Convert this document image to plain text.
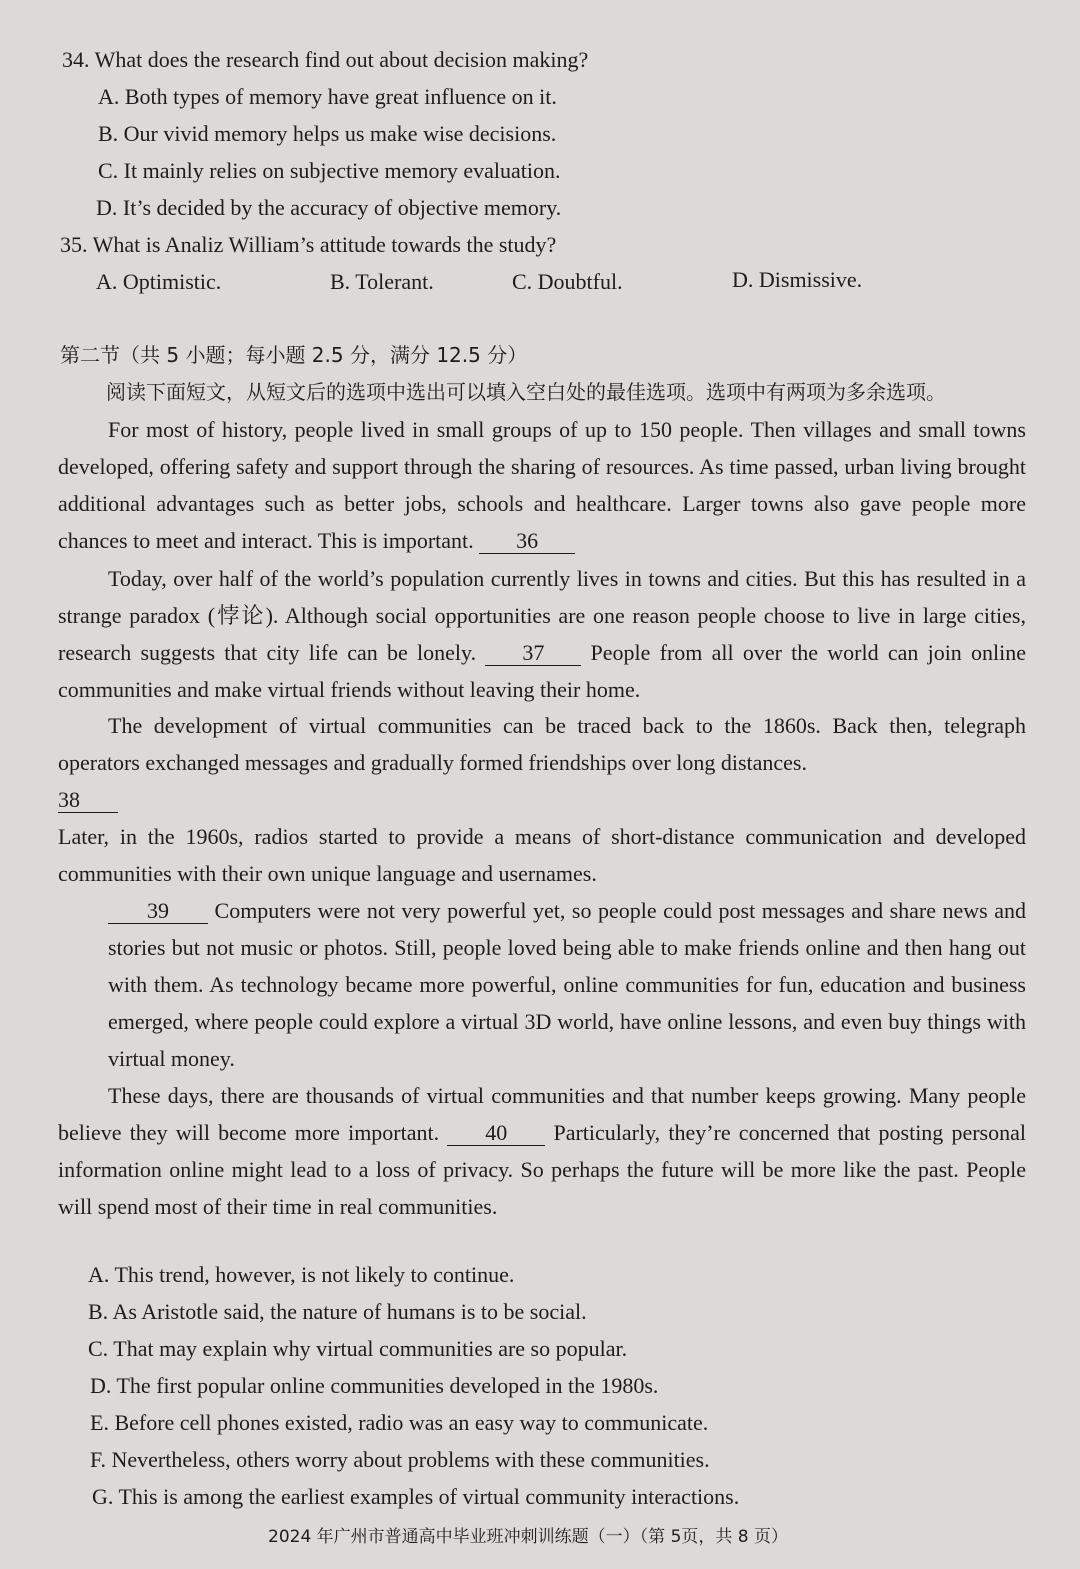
34. What does the research find out about decision making?
A. Both types of memory have great influence on it.
B. Our vivid memory helps us make wise decisions.
C. It mainly relies on subjective memory evaluation.
D. It’s decided by the accuracy of objective memory.
35. What is Analiz William’s attitude towards the study?
A. Optimistic.	B. Tolerant.	C. Doubtful.	D. Dismissive.
第二节（共 5 小题；每小题 2.5 分，满分 12.5 分）
阅读下面短文，从短文后的选项中选出可以填入空白处的最佳选项。选项中有两项为多余选项。
For most of history, people lived in small groups of up to 150 people. Then villages and small towns developed, offering safety and support through the sharing of resources. As time passed, urban living brought additional advantages such as better jobs, schools and healthcare. Larger towns also gave people more chances to meet and interact. This is important. 36
Today, over half of the world’s population currently lives in towns and cities. But this has resulted in a strange paradox (悖论). Although social opportunities are one reason people choose to live in large cities, research suggests that city life can be lonely. 37 People from all over the world can join online communities and make virtual friends without leaving their home.
The development of virtual communities can be traced back to the 1860s. Back then, telegraph operators exchanged messages and gradually formed friendships over long distances.
38
Later, in the 1960s, radios started to provide a means of short-distance communication and developed communities with their own unique language and usernames.
39 Computers were not very powerful yet, so people could post messages and share news and stories but not music or photos. Still, people loved being able to make friends online and then hang out with them. As technology became more powerful, online communities for fun, education and business emerged, where people could explore a virtual 3D world, have online lessons, and even buy things with virtual money.
These days, there are thousands of virtual communities and that number keeps growing. Many people believe they will become more important. 40 Particularly, they’re concerned that posting personal information online might lead to a loss of privacy. So perhaps the future will be more like the past. People will spend most of their time in real communities.
A. This trend, however, is not likely to continue.
B. As Aristotle said, the nature of humans is to be social.
C. That may explain why virtual communities are so popular.
D. The first popular online communities developed in the 1980s.
E. Before cell phones existed, radio was an easy way to communicate.
F. Nevertheless, others worry about problems with these communities.
G. This is among the earliest examples of virtual community interactions.
2024 年广州市普通高中毕业班冲刺训练题（一）（第 5页，共 8 页）
